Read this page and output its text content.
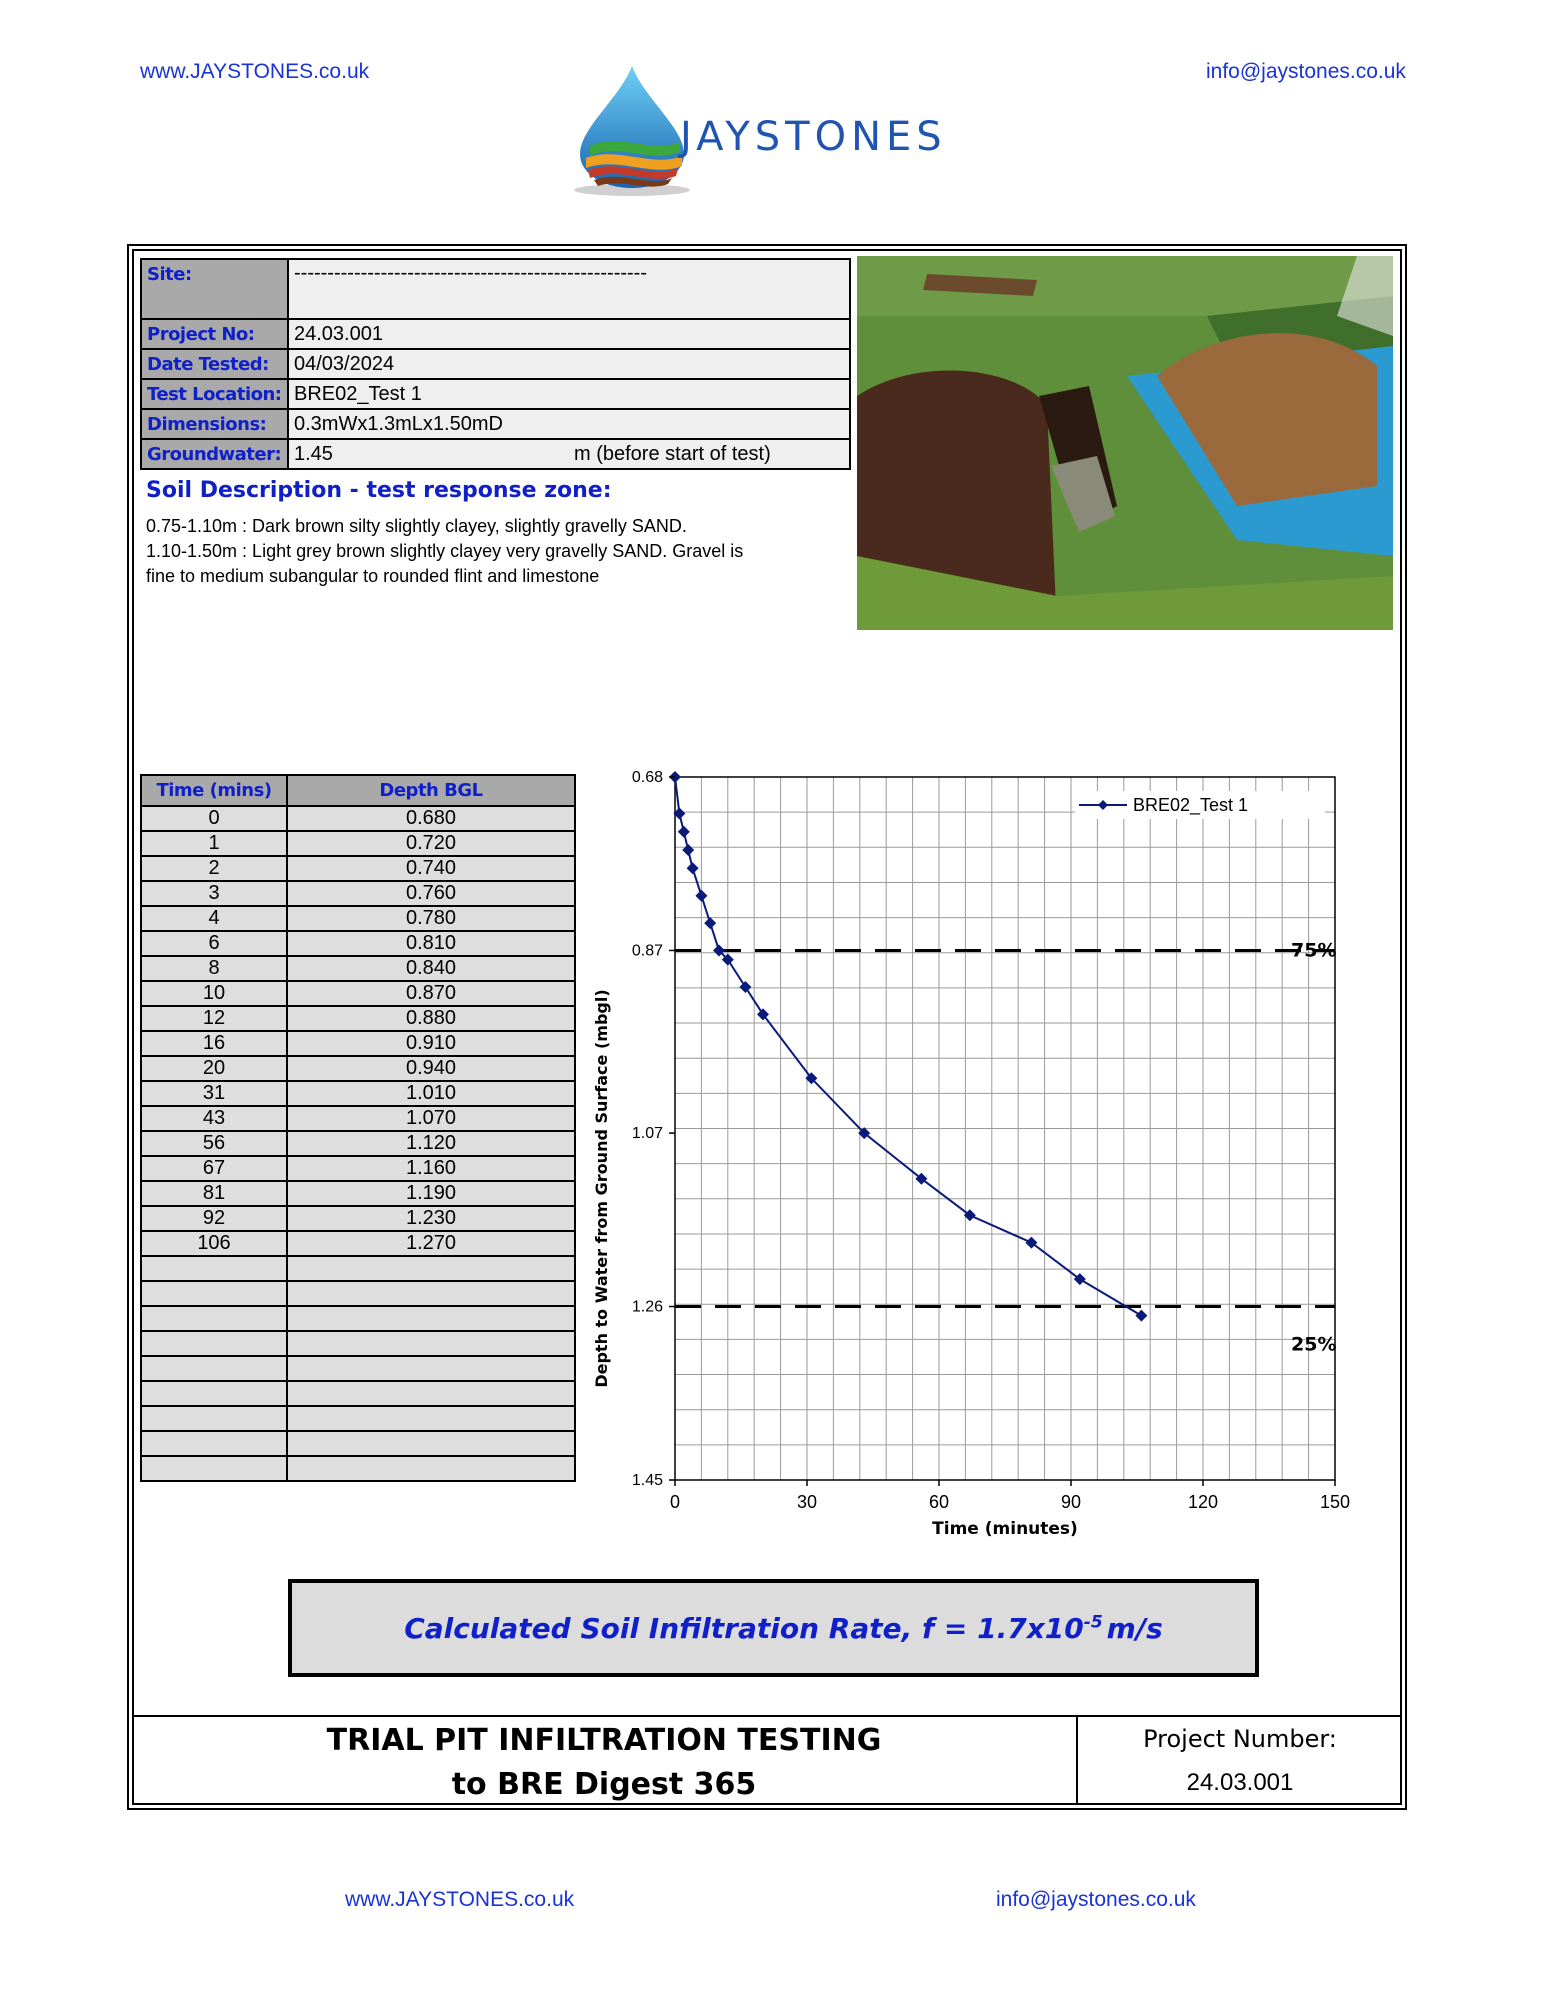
www.JAYSTONES.co.uk	info@jaystones.co.uk
JAYSTONES
Site:	-----------------------------------------------------
Project No:	24.03.001
Date Tested:	04/03/2024
Test Location:	BRE02_Test 1
Dimensions:	0.3mWx1.3mLx1.50mD
Groundwater:	1.45 m (before start of test)
Soil Description - test response zone:
0.75-1.10m : Dark brown silty slightly clayey, slightly gravelly SAND.
1.10-1.50m : Light grey brown slightly clayey very gravelly SAND. Gravel is
fine to medium subangular to rounded flint and limestone
Time (mins)	Depth BGL
0	0.680
1	0.720
2	0.740
3	0.760
4	0.780
6	0.810
8	0.840
10	0.870
12	0.880
16	0.910
20	0.940
31	1.010
43	1.070
56	1.120
67	1.160
81	1.190
92	1.230
106	1.270

75%
25%
0	30	60	90	120	150
0.68
0.87
1.07
1.26
1.45
Time (minutes)
Depth to Water from Ground Surface (mbgl)
BRE02_Test 1
Calculated Soil Infiltration Rate, $f = 1.7x10^{-5}$ m/s
TRIAL PIT INFILTRATION TESTING
to BRE Digest 365
Project Number:
24.03.001
www.JAYSTONES.co.uk	info@jaystones.co.uk
